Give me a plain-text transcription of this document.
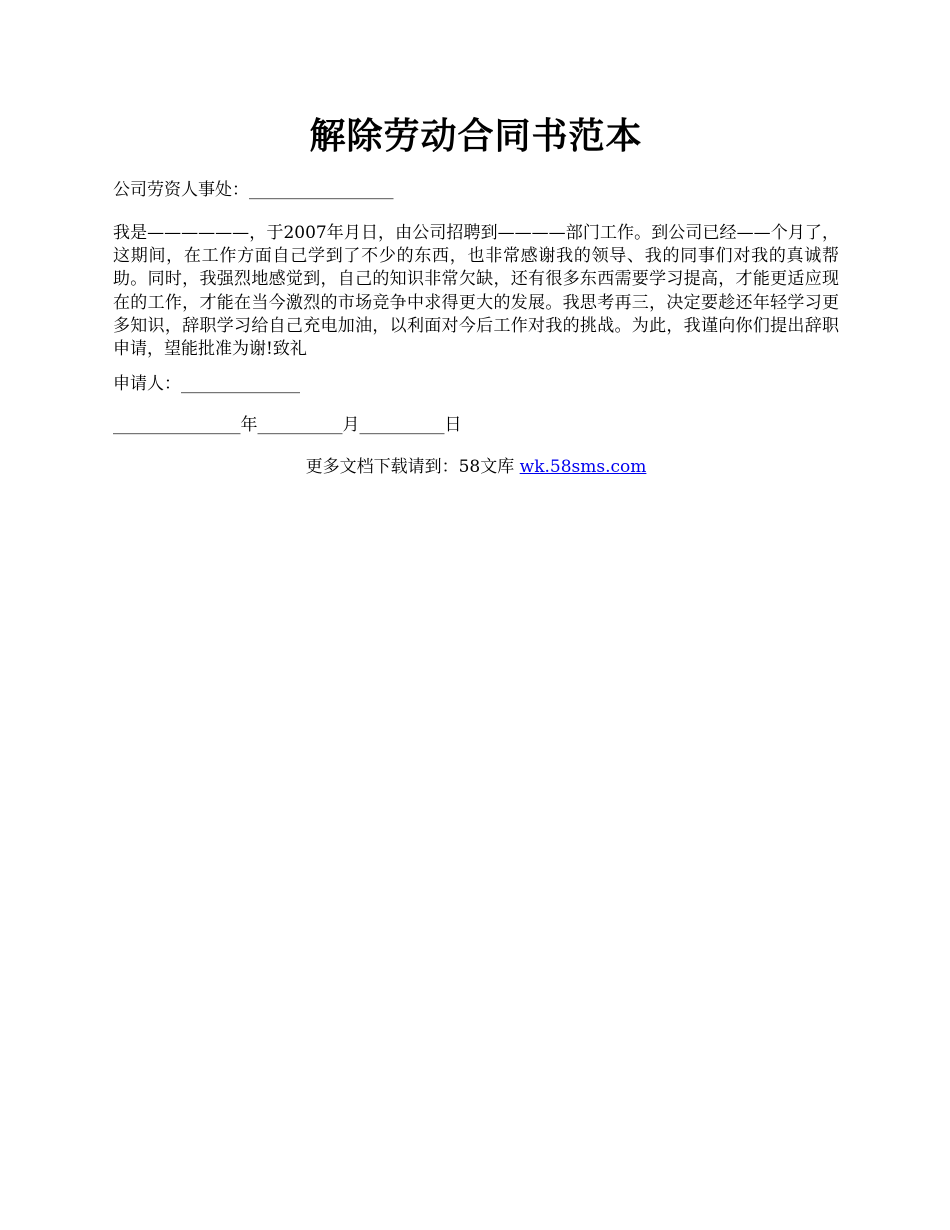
解除劳动合同书范本
公司劳资人事处：_________________
我是——————，于2007年月日，由公司招聘到————部门工作。到公司已经——个月了，这期间，在工作方面自己学到了不少的东西，也非常感谢我的领导、我的同事们对我的真诚帮助。同时，我强烈地感觉到，自己的知识非常欠缺，还有很多东西需要学习提高，才能更适应现在的工作，才能在当今激烈的市场竞争中求得更大的发展。我思考再三，决定要趁还年轻学习更多知识，辞职学习给自己充电加油，以利面对今后工作对我的挑战。为此，我谨向你们提出辞职申请，望能批准为谢!致礼
申请人：______________
_______________年__________月__________日
更多文档下载请到：58文库 wk.58sms.com
